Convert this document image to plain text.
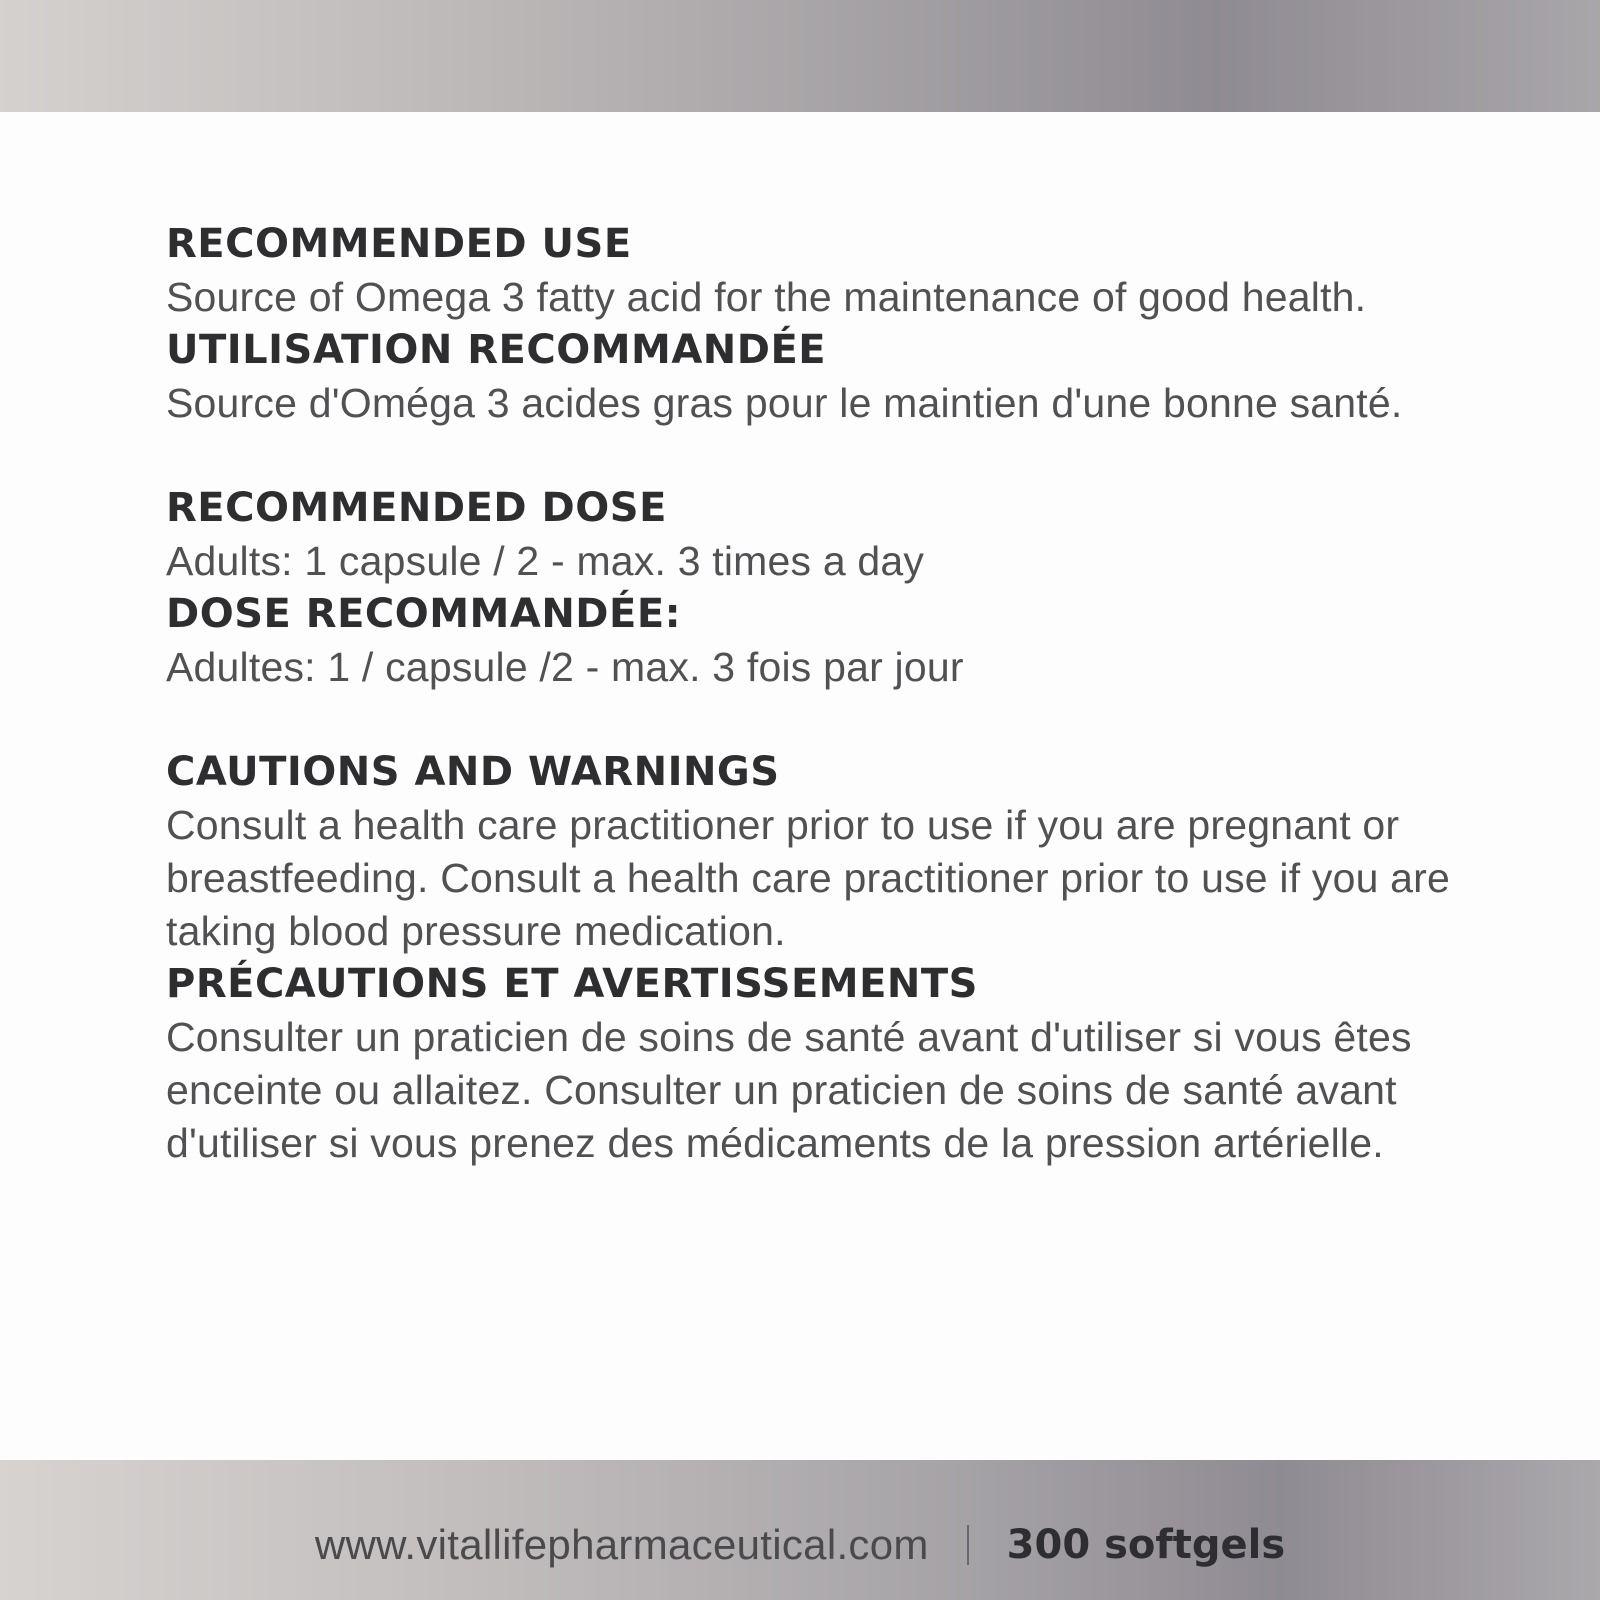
RECOMMENDED USE

Source of Omega 3 fatty acid for the maintenance of good health.

UTILISATION RECOMMANDÉE

Source d'Oméga 3 acides gras pour le maintien d'une bonne santé.

RECOMMENDED DOSE

Adults: 1 capsule / 2 - max. 3 times a day

DOSE RECOMMANDÉE:

Adultes: 1 / capsule /2 - max. 3 fois par jour

CAUTIONS AND WARNINGS

Consult a health care practitioner prior to use if you are pregnant or breastfeeding. Consult a health care practitioner prior to use if you are taking blood pressure medication.

PRÉCAUTIONS ET AVERTISSEMENTS

Consulter un praticien de soins de santé avant d'utiliser si vous êtes enceinte ou allaitez. Consulter un praticien de soins de santé avant d'utiliser si vous prenez des médicaments de la pression artérielle.

www.vitallifepharmaceutical.com 300 softgels
